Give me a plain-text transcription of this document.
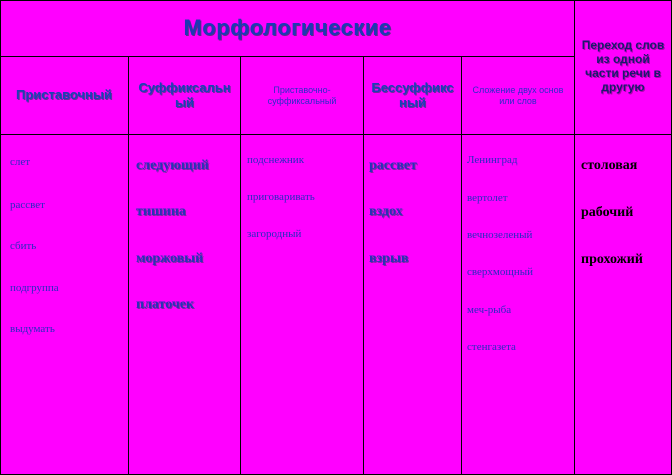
Морфологические
Переход слов из одной части речи в другую
Приставочный	Суффиксальный
Приставочно-суффиксальный
Бессуффиксный
Сложение двух основ или слов
слет
рассвет
сбить
подгруппа
выдумать
следующий
тишина
моржовый
платочек
подснежник
приговаривать
загородный
рассвет
вздох
взрыв
Ленинград
вертолет
вечнозеленый
сверхмощный
меч-рыба
стенгазета
столовая
рабочий
прохожий
